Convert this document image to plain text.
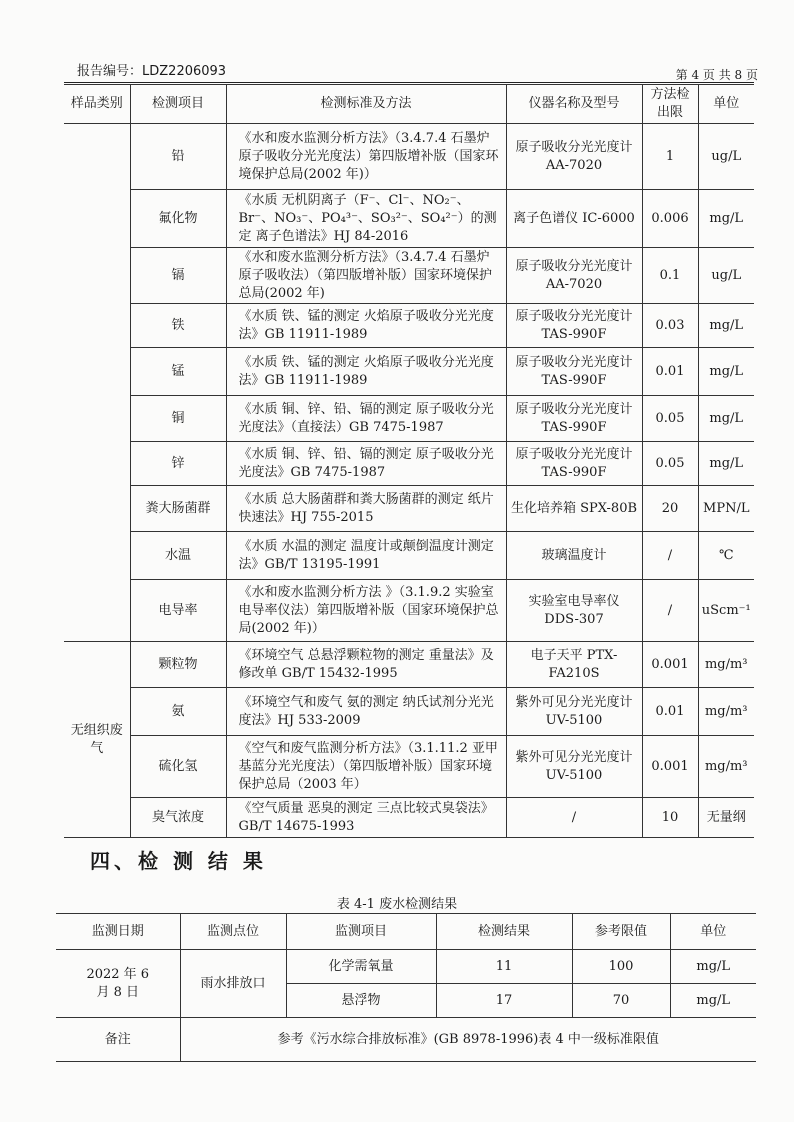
报告编号：LDZ2206093	第 4 页 共 8 页
样品类别	检测项目	检测标准及方法	仪器名称及型号	方法检出限	单位
	铅	《水和废水监测分析方法》（3.4.7.4 石墨炉原子吸收分光光度法）第四版增补版（国家环境保护总局(2002 年)）	原子吸收分光光度计 AA-7020	1	ug/L
	氟化物	《水质 无机阴离子（F⁻、Cl⁻、NO₂⁻、Br⁻、NO₃⁻、PO₄³⁻、SO₃²⁻、SO₄²⁻）的测定 离子色谱法》HJ 84-2016	离子色谱仪 IC-6000	0.006	mg/L
	镉	《水和废水监测分析方法》（3.4.7.4 石墨炉原子吸收法）（第四版增补版）国家环境保护总局(2002 年)	原子吸收分光光度计 AA-7020	0.1	ug/L
	铁	《水质 铁、锰的测定 火焰原子吸收分光光度法》GB 11911-1989	原子吸收分光光度计 TAS-990F	0.03	mg/L
	锰	《水质 铁、锰的测定 火焰原子吸收分光光度法》GB 11911-1989	原子吸收分光光度计 TAS-990F	0.01	mg/L
	铜	《水质 铜、锌、铅、镉的测定 原子吸收分光光度法》（直接法）GB 7475-1987	原子吸收分光光度计 TAS-990F	0.05	mg/L
	锌	《水质 铜、锌、铅、镉的测定 原子吸收分光光度法》GB 7475-1987	原子吸收分光光度计 TAS-990F	0.05	mg/L
	粪大肠菌群	《水质 总大肠菌群和粪大肠菌群的测定 纸片快速法》HJ 755-2015	生化培养箱 SPX-80B	20	MPN/L
	水温	《水质 水温的测定 温度计或颠倒温度计测定法》GB/T 13195-1991	玻璃温度计	/	℃
	电导率	《水和废水监测分析方法 》（3.1.9.2 实验室电导率仪法）第四版增补版（国家环境保护总局(2002 年)）	实验室电导率仪 DDS-307	/	uScm⁻¹
无组织废气	颗粒物	《环境空气 总悬浮颗粒物的测定 重量法》及修改单 GB/T 15432-1995	电子天平 PTX-FA210S	0.001	mg/m³
	氨	《环境空气和废气 氨的测定 纳氏试剂分光光度法》HJ 533-2009	紫外可见分光光度计 UV-5100	0.01	mg/m³
	硫化氢	《空气和废气监测分析方法》（3.1.11.2 亚甲基蓝分光光度法）（第四版增补版）国家环境保护总局（2003 年）	紫外可见分光光度计 UV-5100	0.001	mg/m³
	臭气浓度	《空气质量 恶臭的测定 三点比较式臭袋法》GB/T 14675-1993	/	10	无量纲
四、检 测 结 果
表 4-1 废水检测结果
监测日期	监测点位	监测项目	检测结果	参考限值	单位
2022 年 6 月 8 日	雨水排放口	化学需氧量	11	100	mg/L
		悬浮物	17	70	mg/L
备注	参考《污水综合排放标准》(GB 8978-1996)表 4 中一级标准限值				
